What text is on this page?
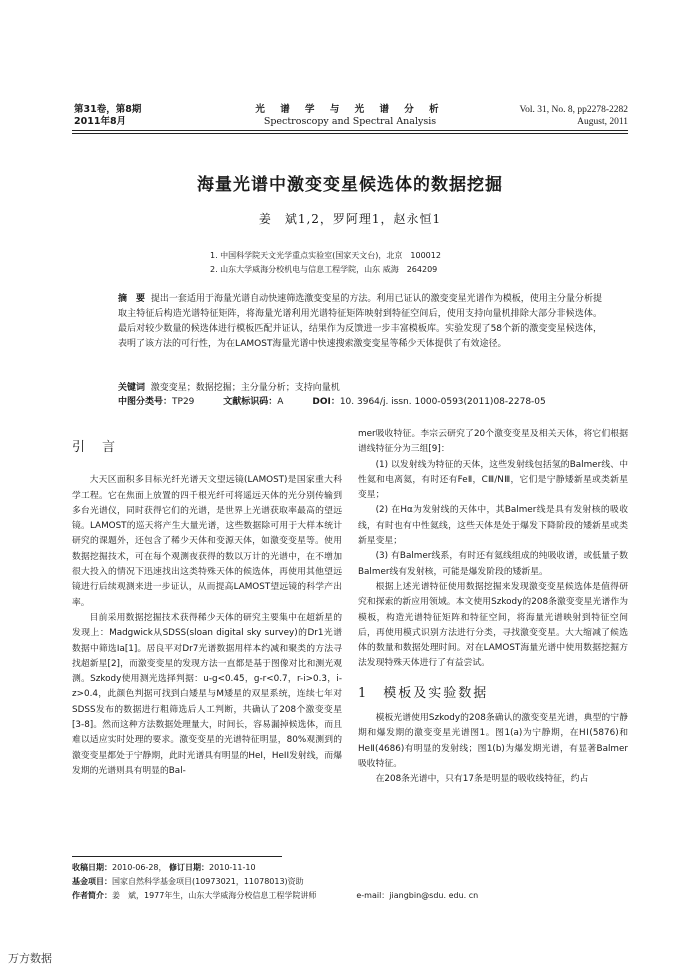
第31卷，第8期
2011年8月
光 谱 学 与 光 谱 分 析
Spectroscopy and Spectral Analysis
Vol. 31, No. 8, pp2278-2282
August, 2011
海量光谱中激变变星候选体的数据挖掘
姜　斌1,2，罗阿理1，赵永恒1
1. 中国科学院天文光学重点实验室(国家天文台)，北京　100012
2. 山东大学威海分校机电与信息工程学院，山东 威海　264209
摘　要 提出一套适用于海量光谱自动快速筛选激变变星的方法。利用已证认的激变变星光谱作为模板，使用主分量分析提取主特征后构造光谱特征矩阵，将海量光谱利用光谱特征矩阵映射到特征空间后，使用支持向量机排除大部分非候选体。最后对较少数量的候选体进行模板匹配并证认，结果作为反馈进一步丰富模板库。实验发现了58个新的激变变星候选体，表明了该方法的可行性，为在LAMOST海量光谱中快速搜索激变变星等稀少天体提供了有效途径。
关键词 激变变星；数据挖掘；主分量分析；支持向量机
中图分类号：TP29	文献标识码：A	DOI：10. 3964/j. issn. 1000-0593(2011)08-2278-05
引　言

大天区面积多目标光纤光谱天文望远镜(LAMOST)是国家重大科学工程。它在焦面上放置的四千根光纤可将遥远天体的光分别传输到多台光谱仪，同时获得它们的光谱，是世界上光谱获取率最高的望远镜。LAMOST的巡天将产生大量光谱，这些数据除可用于大样本统计研究的课题外，还包含了稀少天体和变源天体，如激变变星等。使用数据挖掘技术，可在每个观测夜获得的数以万计的光谱中，在不增加很大投入的情况下迅速找出这类特殊天体的候选体，再使用其他望远镜进行后续观测来进一步证认，从而提高LAMOST望远镜的科学产出率。

目前采用数据挖掘技术获得稀少天体的研究主要集中在超新星的发现上：Madgwick从SDSS(sloan digital sky survey)的Dr1光谱数据中筛选Ia[1]。居良平对Dr7光谱数据用样本约减和聚类的方法寻找超新星[2]，而激变变星的发现方法一直都是基于图像对比和测光观测。Szkody使用测光选择判据：u-g<0.45，g-r<0.7，r-i>0.3，i-z>0.4，此颜色判据可找到白矮星与M矮星的双星系统，连续七年对SDSS发布的数据进行粗筛选后人工判断，共确认了208个激变变星[3-8]。然而这种方法数据处理量大，时间长，容易漏掉候选体，而且难以适应实时处理的要求。激变变星的光谱特征明显，80%观测到的激变变星都处于宁静期，此时光谱具有明显的HeI，HeII发射线，而爆发期的光谱则具有明显的Bal-

mer吸收特征。李宗云研究了20个激变变星及相关天体，将它们根据谱线特征分为三组[9]：

(1) 以发射线为特征的天体，这些发射线包括氢的Balmer线、中性氦和电离氦，有时还有FeⅡ，CⅢ/NⅢ，它们是宁静矮新星或类新星变星；

(2) 在Hα为发射线的天体中，其Balmer线是具有发射核的吸收线，有时也有中性氦线，这些天体是处于爆发下降阶段的矮新星或类新星变星；

(3) 有Balmer线系，有时还有氦线组成的纯吸收谱，或低量子数Balmer线有发射核，可能是爆发阶段的矮新星。

根据上述光谱特征使用数据挖掘来发现激变变星候选体是值得研究和探索的新应用领域。本文使用Szkody的208条激变变星光谱作为模板，构造光谱特征矩阵和特征空间，将海量光谱映射到特征空间后，再使用模式识别方法进行分类，寻找激变变星。大大缩减了候选体的数量和数据处理时间。对在LAMOST海量光谱中使用数据挖掘方法发现特殊天体进行了有益尝试。

1　模板及实验数据

模板光谱使用Szkody的208条确认的激变变星光谱，典型的宁静期和爆发期的激变变星光谱图1。图1(a)为宁静期，在HⅠ(5876)和HeⅡ(4686)有明显的发射线；图1(b)为爆发期光谱，有显著Balmer吸收特征。

在208条光谱中，只有17条是明显的吸收线特征，约占

收稿日期：2010-06-28， 修订日期：2010-11-10
基金项目：国家自然科学基金项目(10973021，11078013)资助
作者简介：姜　斌，1977年生，山东大学威海分校信息工程学院讲师	e-mail：jiangbin@sdu. edu. cn
万方数据
